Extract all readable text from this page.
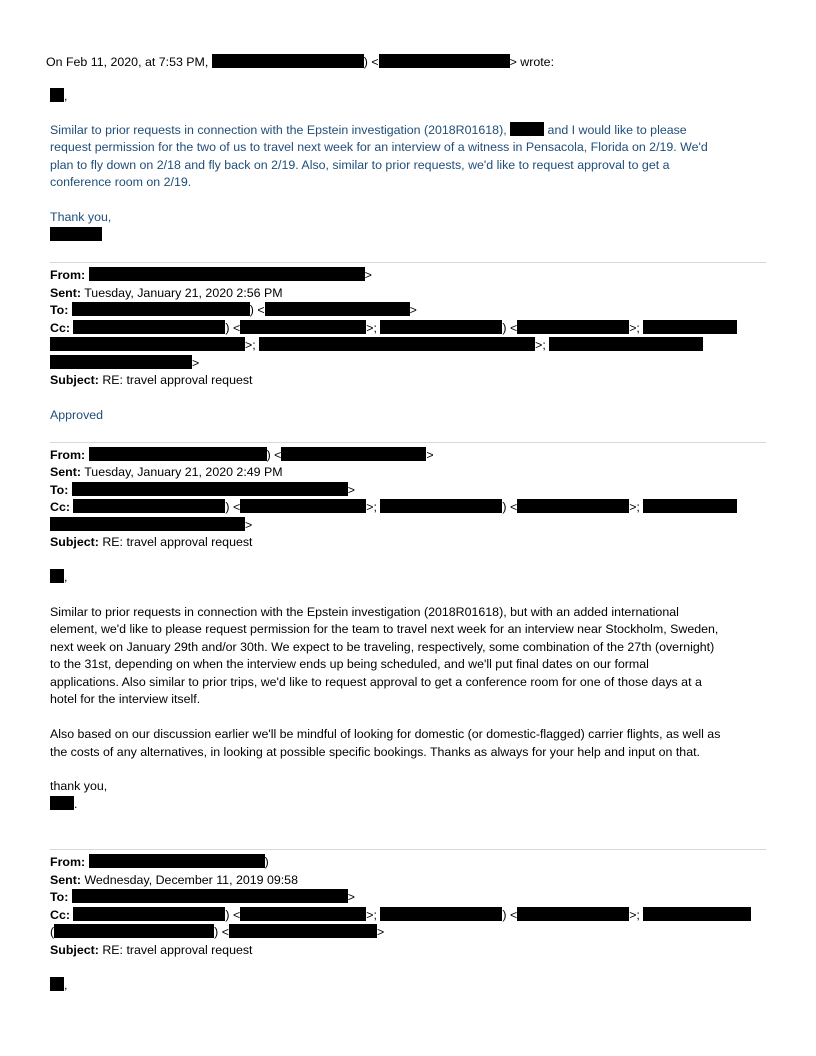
On Feb 11, 2020, at 7:53 PM,	) <	> wrote:
,
Similar to prior requests in connection with the Epstein investigation (2018R01618),	and I would like to please
request permission for the two of us to travel next week for an interview of a witness in Pensacola, Florida on 2/19. We'd
plan to fly down on 2/18 and fly back on 2/19. Also, similar to prior requests, we'd like to request approval to get a
conference room on 2/19.
Thank you,
From:	>
Sent: Tuesday, January 21, 2020 2:56 PM
To:	) <	>
Cc:	) <	>;	) <	>;
>;	>;
>
Subject: RE: travel approval request
Approved
From:	) <	>
Sent: Tuesday, January 21, 2020 2:49 PM
To:	>
Cc:	) <	>;	) <	>;
>
Subject: RE: travel approval request
,
Similar to prior requests in connection with the Epstein investigation (2018R01618), but with an added international
element, we'd like to please request permission for the team to travel next week for an interview near Stockholm, Sweden,
next week on January 29th and/or 30th. We expect to be traveling, respectively, some combination of the 27th (overnight)
to the 31st, depending on when the interview ends up being scheduled, and we'll put final dates on our formal
applications. Also similar to prior trips, we'd like to request approval to get a conference room for one of those days at a
hotel for the interview itself.
Also based on our discussion earlier we'll be mindful of looking for domestic (or domestic-flagged) carrier flights, as well as
the costs of any alternatives, in looking at possible specific bookings. Thanks as always for your help and input on that.
thank you,
.
From:	)
Sent: Wednesday, December 11, 2019 09:58
To:	>
Cc:	) <	>;	) <	>;
(	) <	>
Subject: RE: travel approval request
,
